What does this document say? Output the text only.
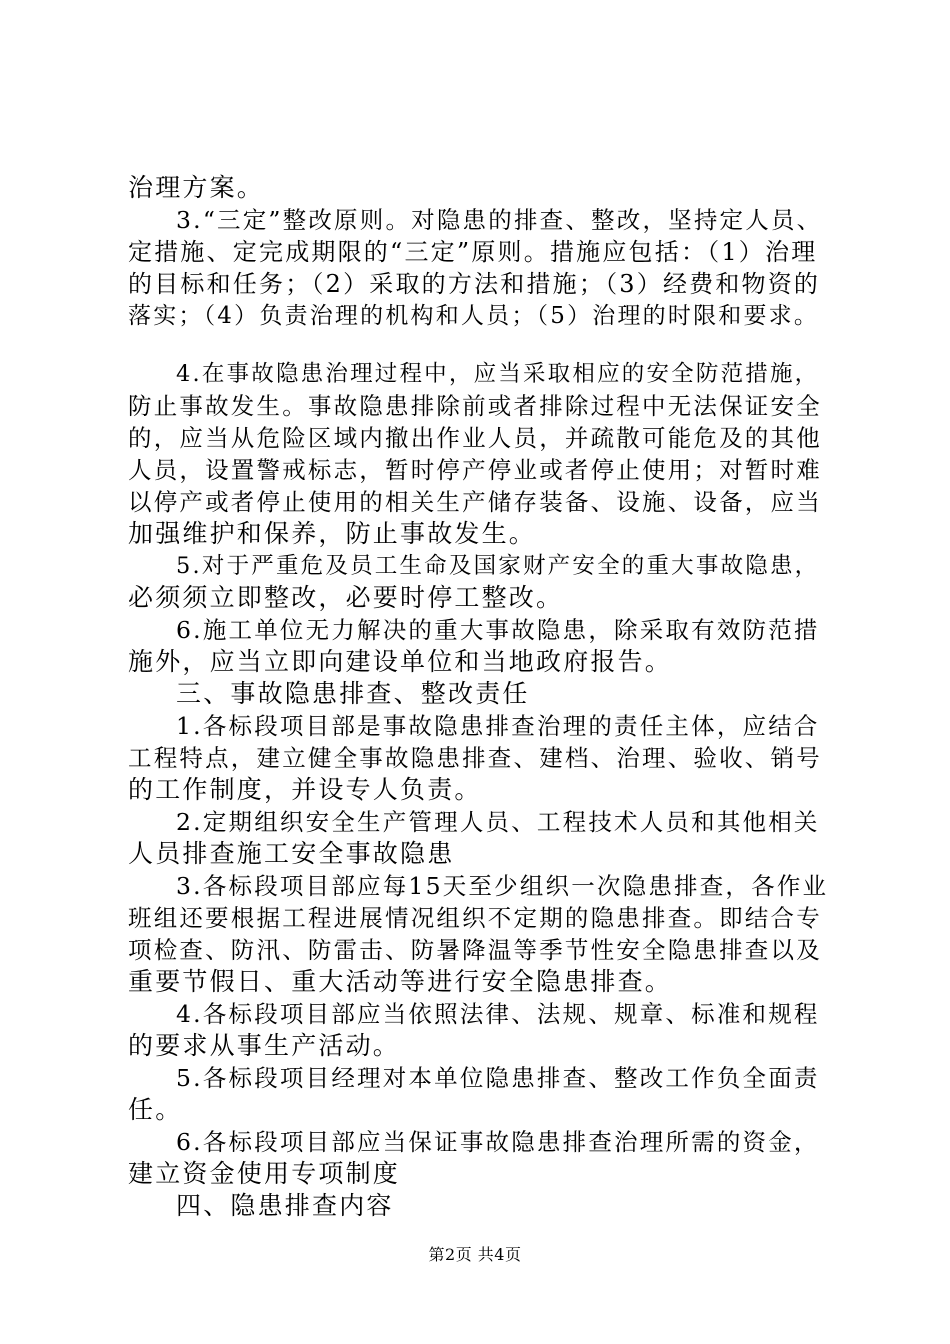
治理方案。
3.“三定”整改原则。对隐患的排查、整改，坚持定人员、
定措施、定完成期限的“三定”原则。措施应包括：（1）治理
的目标和任务；（2）采取的方法和措施；（3）经费和物资的
落实；（4）负责治理的机构和人员；（5）治理的时限和要求。
4.在事故隐患治理过程中，应当采取相应的安全防范措施，
防止事故发生。事故隐患排除前或者排除过程中无法保证安全
的，应当从危险区域内撤出作业人员，并疏散可能危及的其他
人员，设置警戒标志，暂时停产停业或者停止使用；对暂时难
以停产或者停止使用的相关生产储存装备、设施、设备，应当
加强维护和保养，防止事故发生。
5.对于严重危及员工生命及国家财产安全的重大事故隐患，
必须须立即整改，必要时停工整改。
6.施工单位无力解决的重大事故隐患，除采取有效防范措
施外，应当立即向建设单位和当地政府报告。
三、事故隐患排查、整改责任
1.各标段项目部是事故隐患排查治理的责任主体，应结合
工程特点，建立健全事故隐患排查、建档、治理、验收、销号
的工作制度，并设专人负责。
2.定期组织安全生产管理人员、工程技术人员和其他相关
人员排查施工安全事故隐患
3.各标段项目部应每15天至少组织一次隐患排查，各作业
班组还要根据工程进展情况组织不定期的隐患排查。即结合专
项检查、防汛、防雷击、防暑降温等季节性安全隐患排查以及
重要节假日、重大活动等进行安全隐患排查。
4.各标段项目部应当依照法律、法规、规章、标准和规程
的要求从事生产活动。
5.各标段项目经理对本单位隐患排查、整改工作负全面责
任。
6.各标段项目部应当保证事故隐患排查治理所需的资金，
建立资金使用专项制度
四、隐患排查内容
第2页 共4页
